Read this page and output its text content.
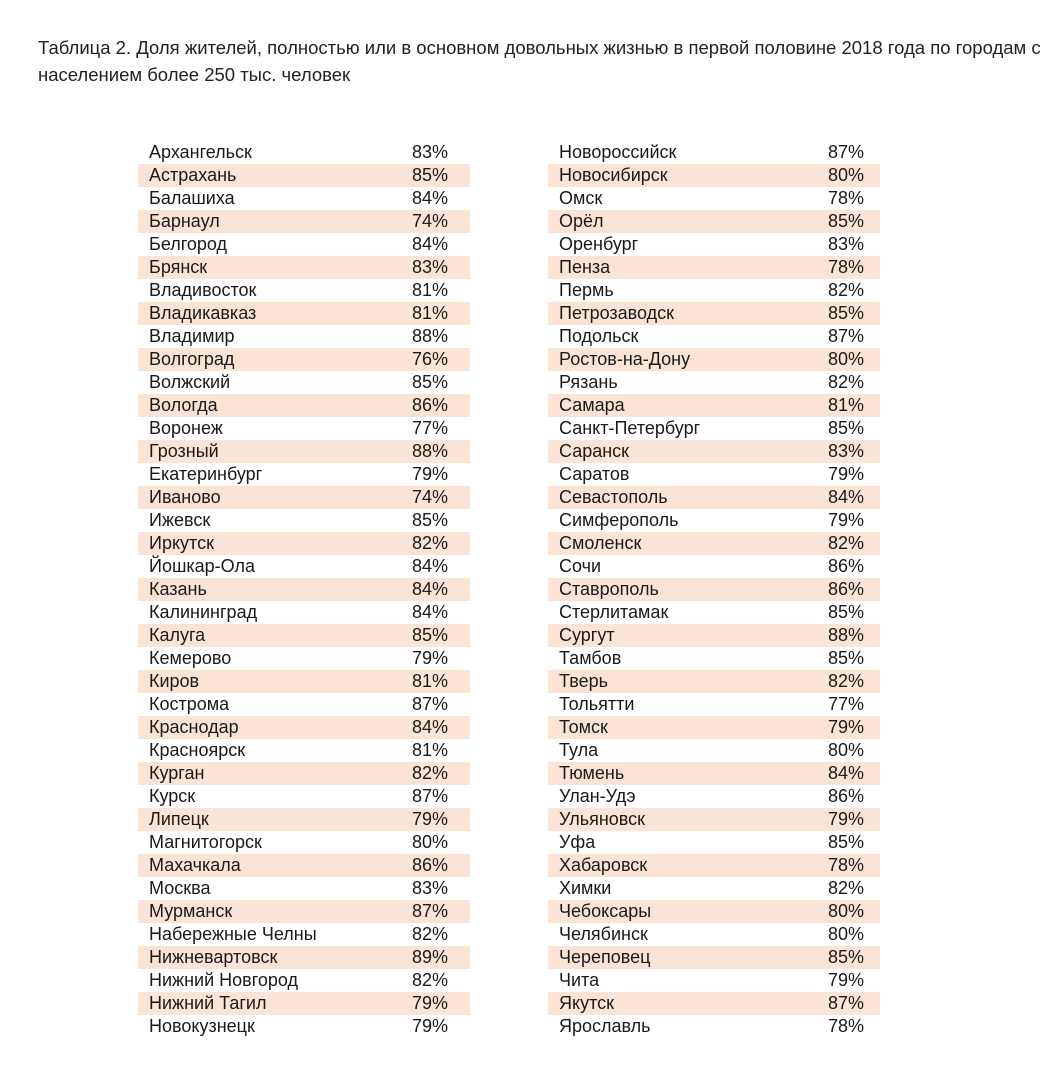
Таблица 2. Доля жителей, полностью или в основном довольных жизнью в первой половине 2018 года по городам с населением более 250 тыс. человек
Архангельск	83%
Астрахань	85%
Балашиха	84%
Барнаул	74%
Белгород	84%
Брянск	83%
Владивосток	81%
Владикавказ	81%
Владимир	88%
Волгоград	76%
Волжский	85%
Вологда	86%
Воронеж	77%
Грозный	88%
Екатеринбург	79%
Иваново	74%
Ижевск	85%
Иркутск	82%
Йошкар-Ола	84%
Казань	84%
Калининград	84%
Калуга	85%
Кемерово	79%
Киров	81%
Кострома	87%
Краснодар	84%
Красноярск	81%
Курган	82%
Курск	87%
Липецк	79%
Магнитогорск	80%
Махачкала	86%
Москва	83%
Мурманск	87%
Набережные Челны	82%
Нижневартовск	89%
Нижний Новгород	82%
Нижний Тагил	79%
Новокузнецк	79%
Новороссийск	87%
Новосибирск	80%
Омск	78%
Орёл	85%
Оренбург	83%
Пенза	78%
Пермь	82%
Петрозаводск	85%
Подольск	87%
Ростов-на-Дону	80%
Рязань	82%
Самара	81%
Санкт-Петербург	85%
Саранск	83%
Саратов	79%
Севастополь	84%
Симферополь	79%
Смоленск	82%
Сочи	86%
Ставрополь	86%
Стерлитамак	85%
Сургут	88%
Тамбов	85%
Тверь	82%
Тольятти	77%
Томск	79%
Тула	80%
Тюмень	84%
Улан-Удэ	86%
Ульяновск	79%
Уфа	85%
Хабаровск	78%
Химки	82%
Чебоксары	80%
Челябинск	80%
Череповец	85%
Чита	79%
Якутск	87%
Ярославль	78%
